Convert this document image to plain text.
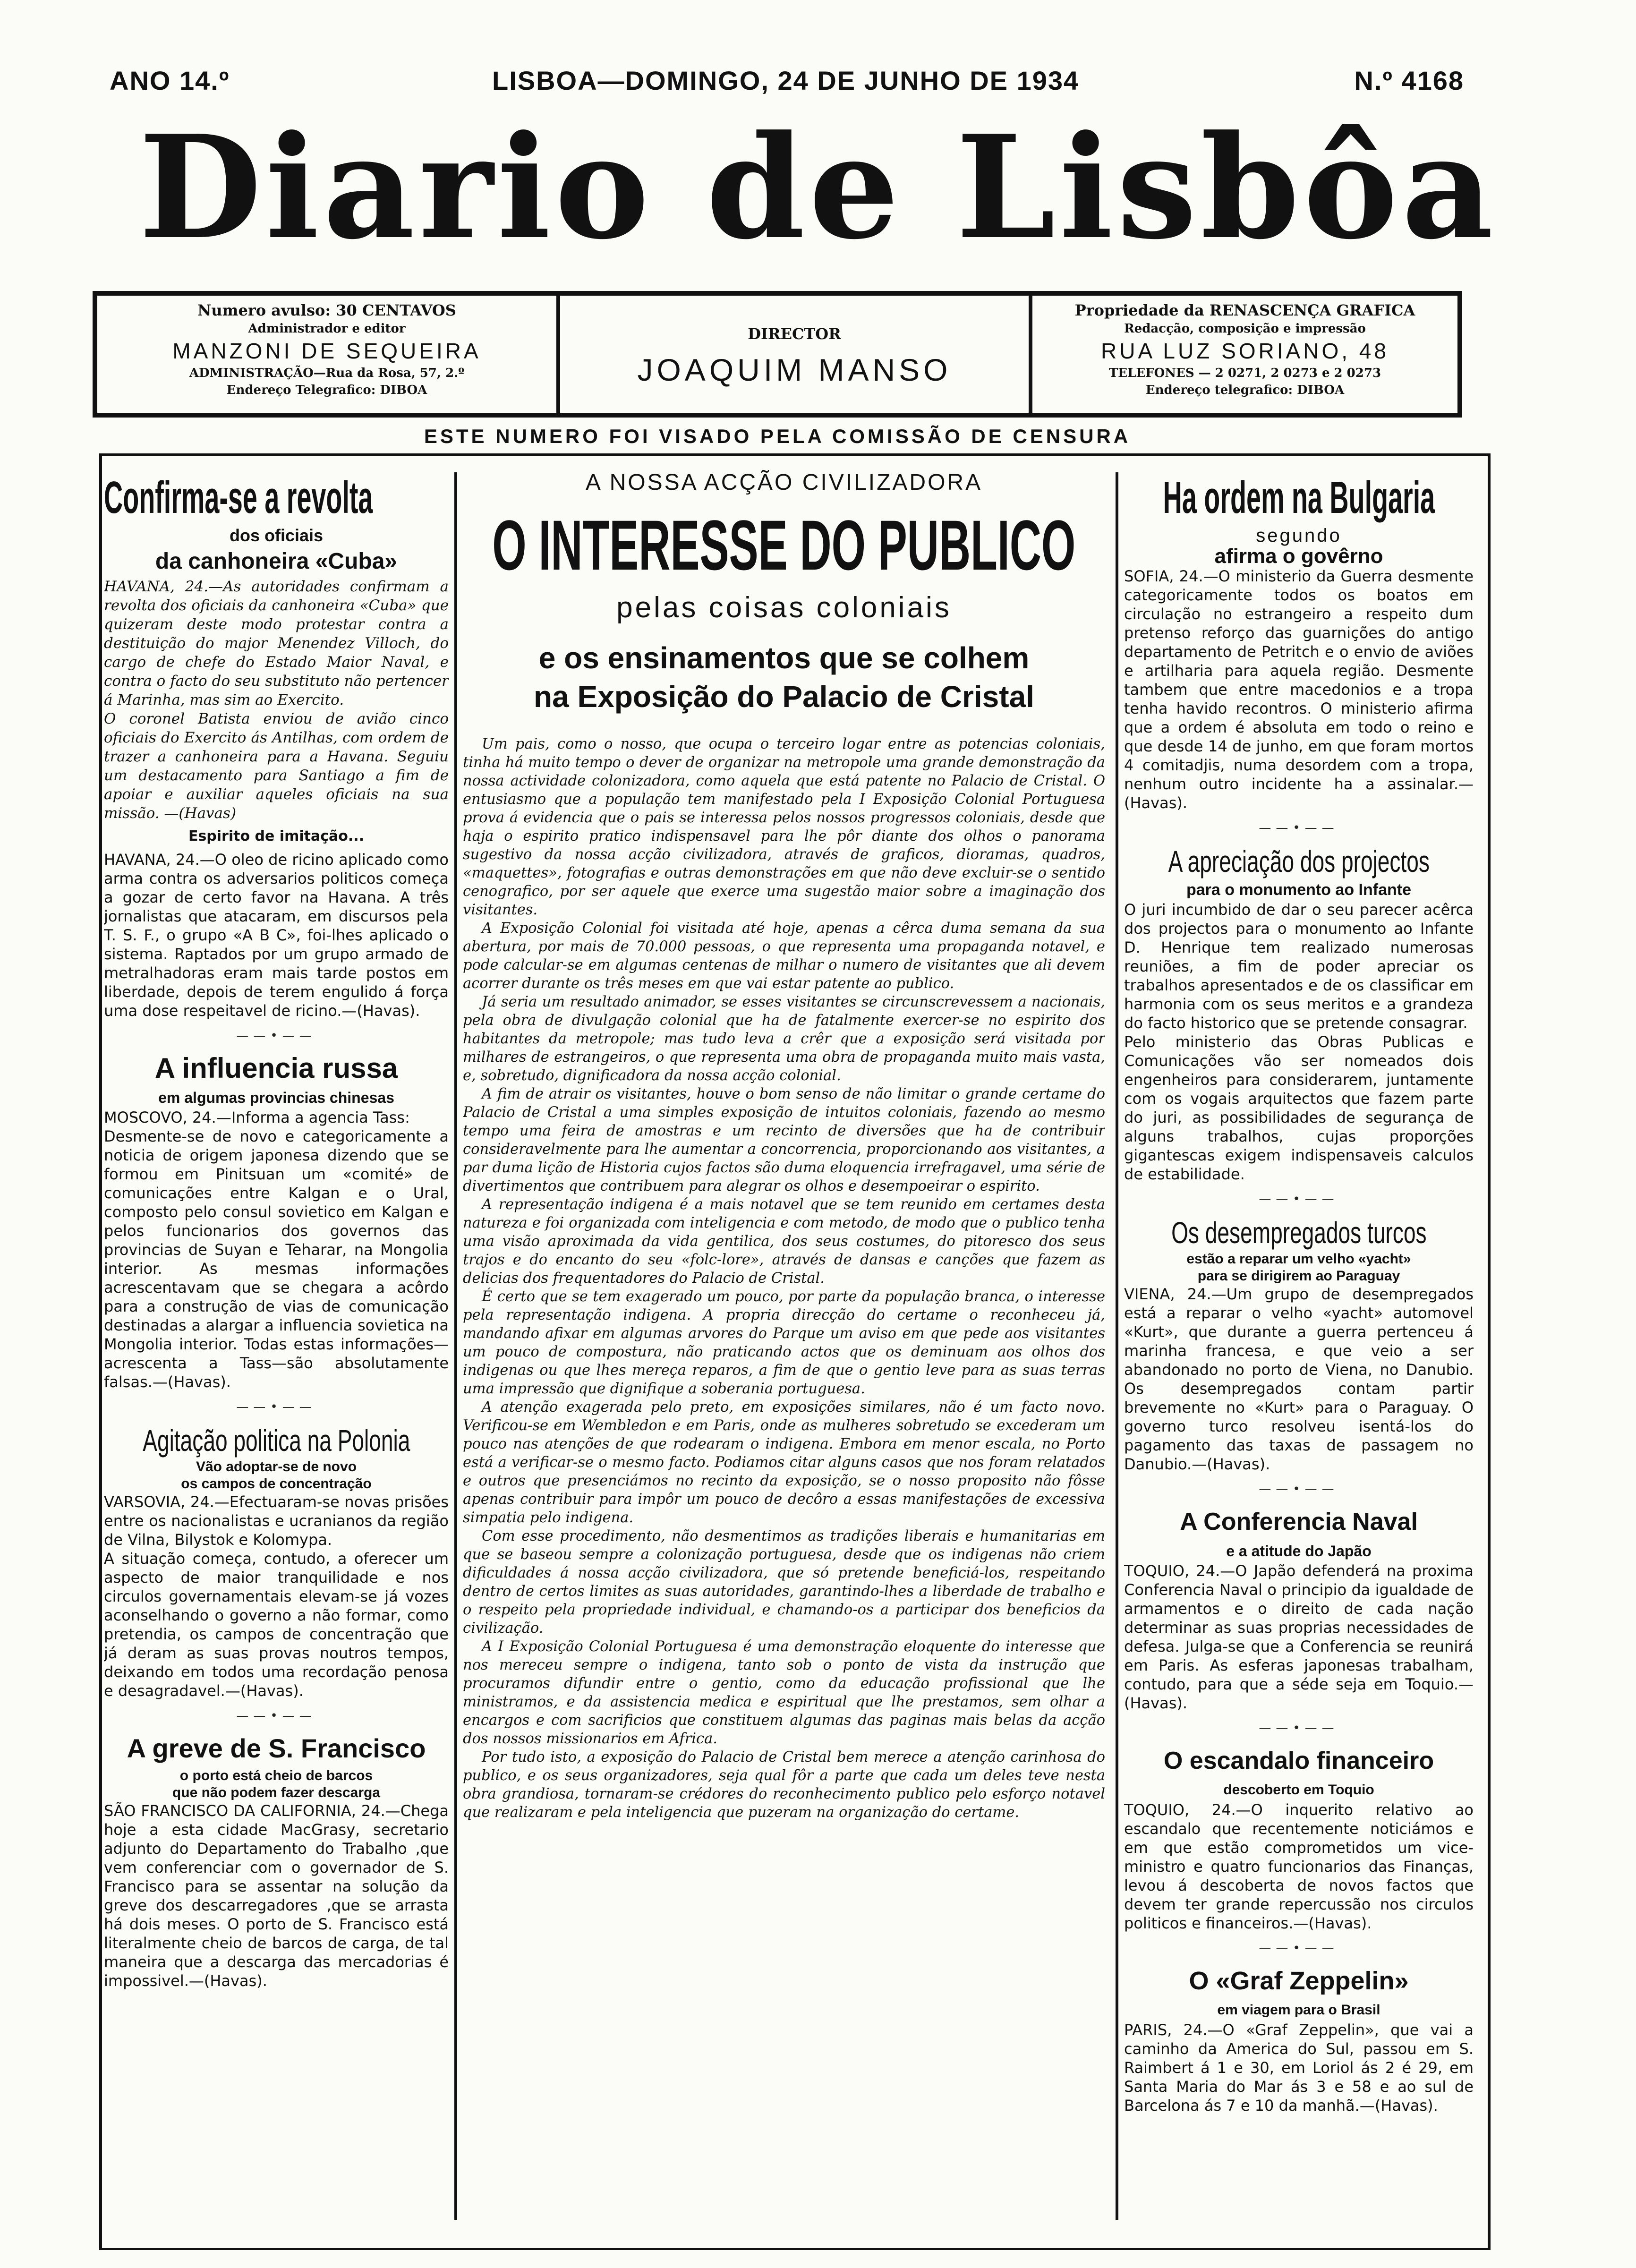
ANO 14.º	LISBOA—DOMINGO, 24 DE JUNHO DE 1934	N.º 4168
Diario de Lisbôa
Numero avulso: 30 CENTAVOS
Administrador e editor
MANZONI DE SEQUEIRA
ADMINISTRAÇÃO—Rua da Rosa, 57, 2.º
Endereço Telegrafico: DIBOA
DIRECTOR
JOAQUIM MANSO
Propriedade da RENASCENÇA GRAFICA
Redacção, composição e impressão
RUA LUZ SORIANO, 48
TELEFONES — 2 0271, 2 0273 e 2 0273
Endereço telegrafico: DIBOA
ESTE NUMERO FOI VISADO PELA COMISSÃO DE CENSURA
Confirma-se a revolta
dos oficiais
da canhoneira «Cuba»

HAVANA, 24.—As autoridades confirmam a revolta dos oficiais da canhoneira «Cuba» que quizeram deste modo protestar contra a destituição do major Menendez Villoch, do cargo de chefe do Estado Maior Naval, e contra o facto do seu substituto não pertencer á Marinha, mas sim ao Exercito.

O coronel Batista enviou de avião cinco oficiais do Exercito ás Antilhas, com ordem de trazer a canhoneira para a Havana. Seguiu um destacamento para Santiago a fim de apoiar e auxiliar aqueles oficiais na sua missão. —(Havas)

Espirito de imitação...

HAVANA, 24.—O oleo de ricino aplicado como arma contra os adversarios politicos começa a gozar de certo favor na Havana. A três jornalistas que atacaram, em discursos pela T. S. F., o grupo «A B C», foi-lhes aplicado o sistema. Raptados por um grupo armado de metralhadoras eram mais tarde postos em liberdade, depois de terem engulido á força uma dose respeitavel de ricino.—(Havas).

——•——
A influencia russa
em algumas provincias chinesas

MOSCOVO, 24.—Informa a agencia Tass:

Desmente-se de novo e categoricamente a noticia de origem japonesa dizendo que se formou em Pinitsuan um «comité» de comunicações entre Kalgan e o Ural, composto pelo consul sovietico em Kalgan e pelos funcionarios dos governos das provincias de Suyan e Teharar, na Mongolia interior. As mesmas informações acrescentavam que se chegara a acôrdo para a construção de vias de comunicação destinadas a alargar a influencia sovietica na Mongolia interior. Todas estas informações—acrescenta a Tass—são absolutamente falsas.—(Havas).

——•——
Agitação politica na Polonia
Vão adoptar-se de novo
os campos de concentração

VARSOVIA, 24.—Efectuaram-se novas prisões entre os nacionalistas e ucranianos da região de Vilna, Bilystok e Kolomypa.

A situação começa, contudo, a oferecer um aspecto de maior tranquilidade e nos circulos governamentais elevam-se já vozes aconselhando o governo a não formar, como pretendia, os campos de concentração que já deram as suas provas noutros tempos, deixando em todos uma recordação penosa e desagradavel.—(Havas).

——•——
A greve de S. Francisco
o porto está cheio de barcos
que não podem fazer descarga

SÃO FRANCISCO DA CALIFORNIA, 24.—Chega hoje a esta cidade MacGrasy, secretario adjunto do Departamento do Trabalho ,que vem conferenciar com o governador de S. Francisco para se assentar na solução da greve dos descarregadores ,que se arrasta há dois meses. O porto de S. Francisco está literalmente cheio de barcos de carga, de tal maneira que a descarga das mercadorias é impossivel.—(Havas).

A NOSSA ACÇÃO CIVILIZADORA
O INTERESSE DO PUBLICO
pelas coisas coloniais
e os ensinamentos que se colhem
na Exposição do Palacio de Cristal

Um pais, como o nosso, que ocupa o terceiro logar entre as potencias coloniais, tinha há muito tempo o dever de organizar na metropole uma grande demonstração da nossa actividade colonizadora, como aquela que está patente no Palacio de Cristal. O entusiasmo que a população tem manifestado pela I Exposição Colonial Portuguesa prova á evidencia que o pais se interessa pelos nossos progressos coloniais, desde que haja o espirito pratico indispensavel para lhe pôr diante dos olhos o panorama sugestivo da nossa acção civilizadora, através de graficos, dioramas, quadros, «maquettes», fotografias e outras demonstrações em que não deve excluir-se o sentido cenografico, por ser aquele que exerce uma sugestão maior sobre a imaginação dos visitantes.

A Exposição Colonial foi visitada até hoje, apenas a cêrca duma semana da sua abertura, por mais de 70.000 pessoas, o que representa uma propaganda notavel, e pode calcular-se em algumas centenas de milhar o numero de visitantes que ali devem acorrer durante os três meses em que vai estar patente ao publico.

Já seria um resultado animador, se esses visitantes se circunscrevessem a nacionais, pela obra de divulgação colonial que ha de fatalmente exercer-se no espirito dos habitantes da metropole; mas tudo leva a crêr que a exposição será visitada por milhares de estrangeiros, o que representa uma obra de propaganda muito mais vasta, e, sobretudo, dignificadora da nossa acção colonial.

A fim de atrair os visitantes, houve o bom senso de não limitar o grande certame do Palacio de Cristal a uma simples exposição de intuitos coloniais, fazendo ao mesmo tempo uma feira de amostras e um recinto de diversões que ha de contribuir consideravelmente para lhe aumentar a concorrencia, proporcionando aos visitantes, a par duma lição de Historia cujos factos são duma eloquencia irrefragavel, uma série de divertimentos que contribuem para alegrar os olhos e desempoeirar o espirito.

A representação indigena é a mais notavel que se tem reunido em certames desta natureza e foi organizada com inteligencia e com metodo, de modo que o publico tenha uma visão aproximada da vida gentilica, dos seus costumes, do pitoresco dos seus trajos e do encanto do seu «folc-lore», através de dansas e canções que fazem as delicias dos frequentadores do Palacio de Cristal.

É certo que se tem exagerado um pouco, por parte da população branca, o interesse pela representação indigena. A propria direcção do certame o reconheceu já, mandando afixar em algumas arvores do Parque um aviso em que pede aos visitantes um pouco de compostura, não praticando actos que os deminuam aos olhos dos indigenas ou que lhes mereça reparos, a fim de que o gentio leve para as suas terras uma impressão que dignifique a soberania portuguesa.

A atenção exagerada pelo preto, em exposições similares, não é um facto novo. Verificou-se em Wembledon e em Paris, onde as mulheres sobretudo se excederam um pouco nas atenções de que rodearam o indigena. Embora em menor escala, no Porto está a verificar-se o mesmo facto. Podiamos citar alguns casos que nos foram relatados e outros que presenciámos no recinto da exposição, se o nosso proposito não fôsse apenas contribuir para impôr um pouco de decôro a essas manifestações de excessiva simpatia pelo indigena.

Com esse procedimento, não desmentimos as tradições liberais e humanitarias em que se baseou sempre a colonização portuguesa, desde que os indigenas não criem dificuldades á nossa acção civilizadora, que só pretende beneficiá-los, respeitando dentro de certos limites as suas autoridades, garantindo-lhes a liberdade de trabalho e o respeito pela propriedade individual, e chamando-os a participar dos beneficios da civilização.

A I Exposição Colonial Portuguesa é uma demonstração eloquente do interesse que nos mereceu sempre o indigena, tanto sob o ponto de vista da instrução que procuramos difundir entre o gentio, como da educação profissional que lhe ministramos, e da assistencia medica e espiritual que lhe prestamos, sem olhar a encargos e com sacrificios que constituem algumas das paginas mais belas da acção dos nossos missionarios em Africa.

Por tudo isto, a exposição do Palacio de Cristal bem merece a atenção carinhosa do publico, e os seus organizadores, seja qual fôr a parte que cada um deles teve nesta obra grandiosa, tornaram-se crédores do reconhecimento publico pelo esforço notavel que realizaram e pela inteligencia que puzeram na organização do certame.

Ha ordem na Bulgaria
segundo
afirma o govêrno

SOFIA, 24.—O ministerio da Guerra desmente categoricamente todos os boatos em circulação no estrangeiro a respeito dum pretenso reforço das guarnições do antigo departamento de Petritch e o envio de aviões e artilharia para aquela região. Desmente tambem que entre macedonios e a tropa tenha havido recontros. O ministerio afirma que a ordem é absoluta em todo o reino e que desde 14 de junho, em que foram mortos 4 comitadjis, numa desordem com a tropa, nenhum outro incidente ha a assinalar.—(Havas).

——•——
A apreciação dos projectos
para o monumento ao Infante

O juri incumbido de dar o seu parecer acêrca dos projectos para o monumento ao Infante D. Henrique tem realizado numerosas reuniões, a fim de poder apreciar os trabalhos apresentados e de os classificar em harmonia com os seus meritos e a grandeza do facto historico que se pretende consagrar.

Pelo ministerio das Obras Publicas e Comunicações vão ser nomeados dois engenheiros para considerarem, juntamente com os vogais arquitectos que fazem parte do juri, as possibilidades de segurança de alguns trabalhos, cujas proporções gigantescas exigem indispensaveis calculos de estabilidade.

——•——
Os desempregados turcos
estão a reparar um velho «yacht»
para se dirigirem ao Paraguay

VIENA, 24.—Um grupo de desempregados está a reparar o velho «yacht» automovel «Kurt», que durante a guerra pertenceu á marinha francesa, e que veio a ser abandonado no porto de Viena, no Danubio. Os desempregados contam partir brevemente no «Kurt» para o Paraguay. O governo turco resolveu isentá-los do pagamento das taxas de passagem no Danubio.—(Havas).

——•——
A Conferencia Naval
e a atitude do Japão

TOQUIO, 24.—O Japão defenderá na proxima Conferencia Naval o principio da igualdade de armamentos e o direito de cada nação determinar as suas proprias necessidades de defesa. Julga-se que a Conferencia se reunirá em Paris. As esferas japonesas trabalham, contudo, para que a séde seja em Toquio.—(Havas).

——•——
O escandalo financeiro
descoberto em Toquio

TOQUIO, 24.—O inquerito relativo ao escandalo que recentemente noticiámos e em que estão comprometidos um vice-ministro e quatro funcionarios das Finanças, levou á descoberta de novos factos que devem ter grande repercussão nos circulos politicos e financeiros.—(Havas).

——•——
O «Graf Zeppelin»
em viagem para o Brasil

PARIS, 24.—O «Graf Zeppelin», que vai a caminho da America do Sul, passou em S. Raimbert á 1 e 30, em Loriol ás 2 é 29, em Santa Maria do Mar ás 3 e 58 e ao sul de Barcelona ás 7 e 10 da manhã.—(Havas).
